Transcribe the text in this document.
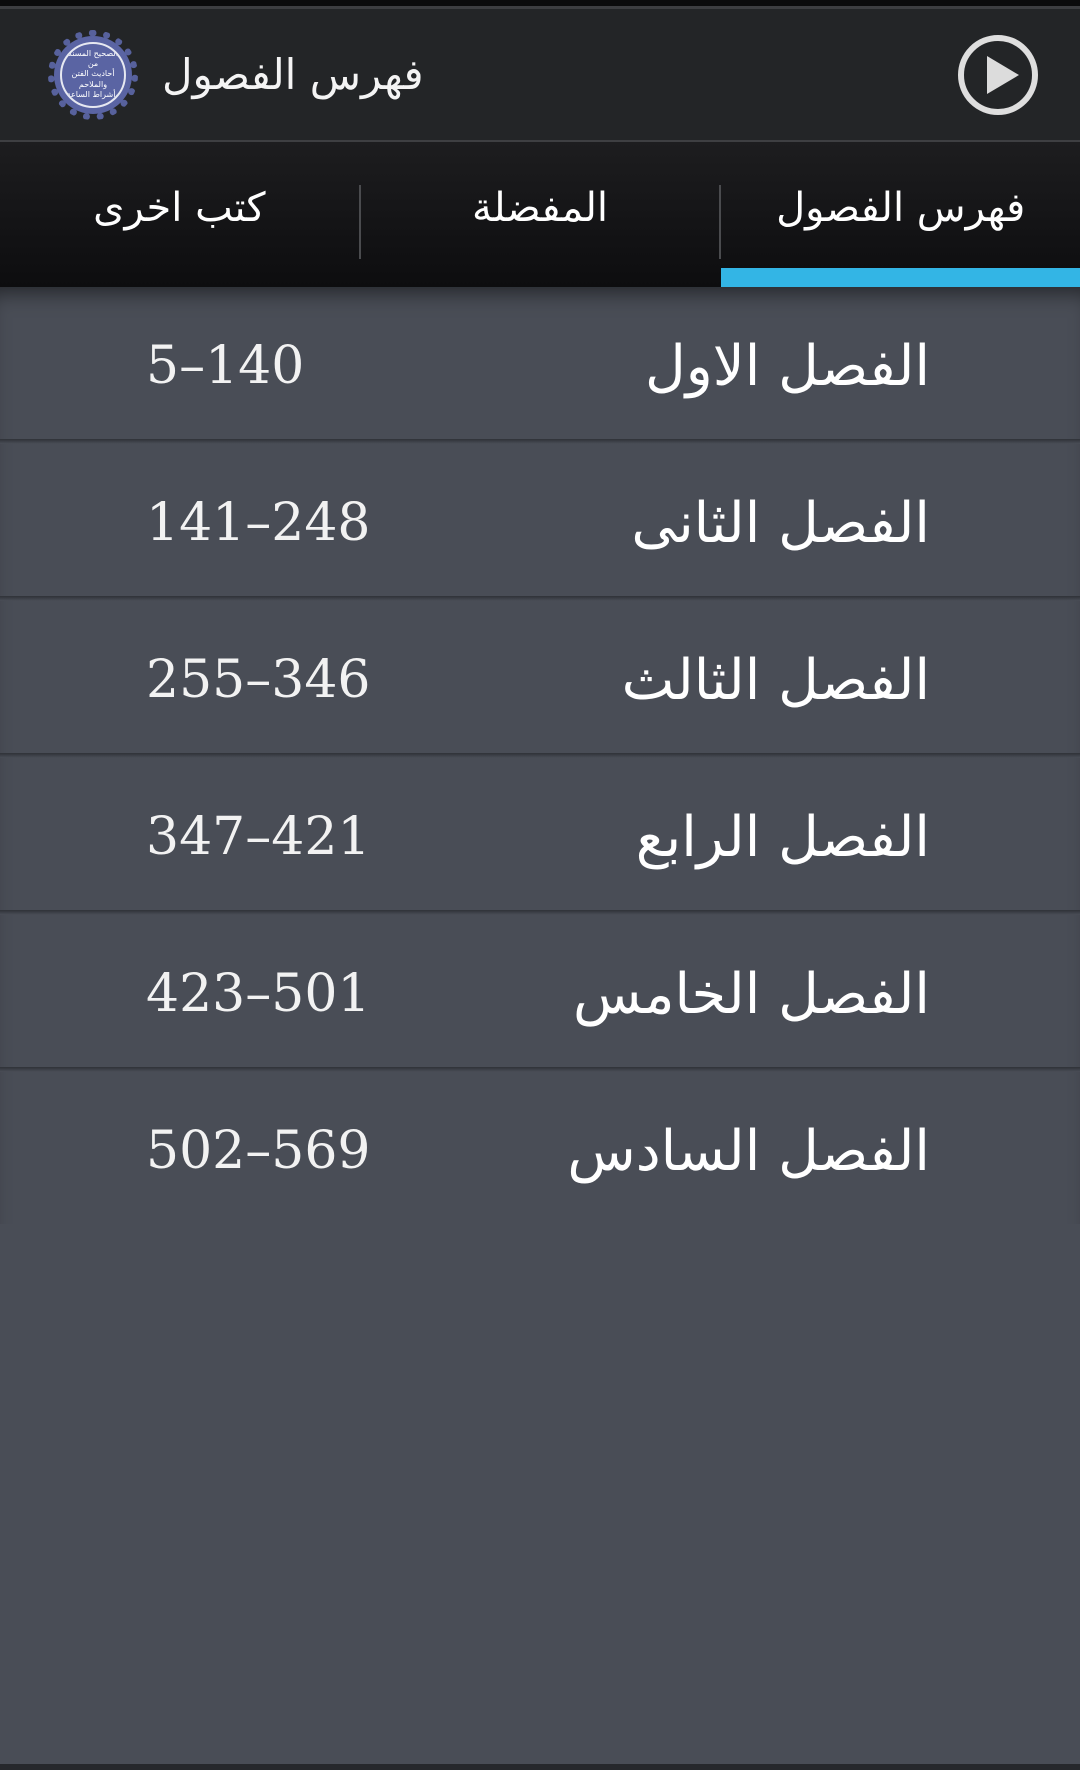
الصحيح المسند من
أحاديث الفتن والملاحم
وأشراط الساعة فهرس الفصول
فهرس الفصول
المفضلة
كتب اخرى
الفصل الاول
5–140
الفصل الثانى
141–248
الفصل الثالث
255–346
الفصل الرابع
347–421
الفصل الخامس
423–501
الفصل السادس
502–569
